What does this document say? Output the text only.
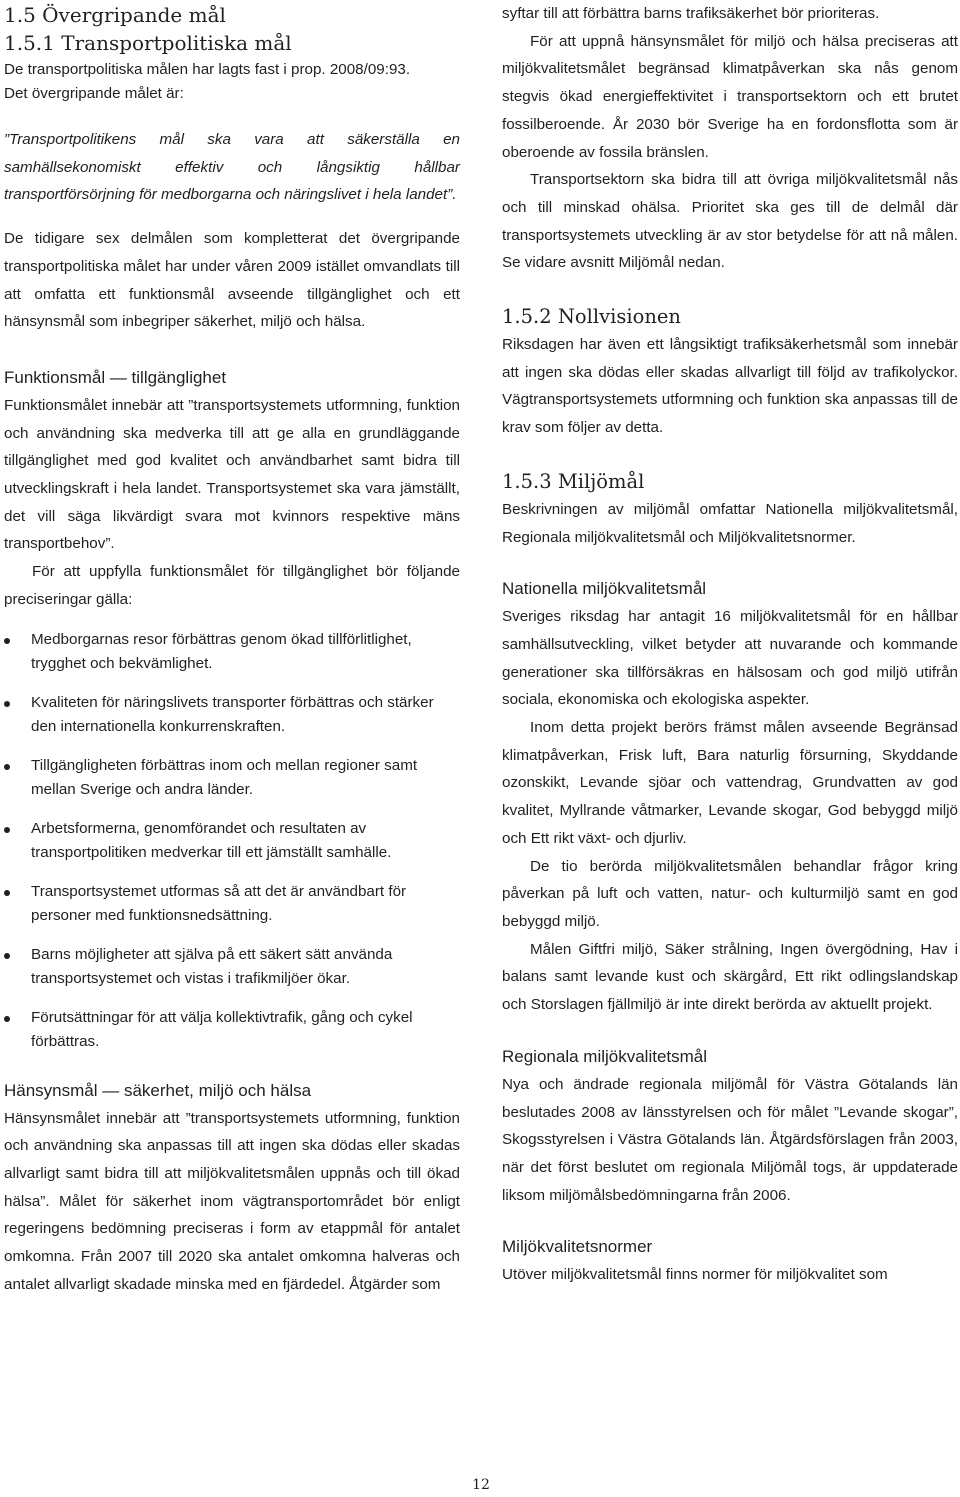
1.5 Övergripande mål
1.5.1 Transportpolitiska mål

De transportpolitiska målen har lagts fast i prop. 2008/09:93.

Det övergripande målet är:

”Transportpolitikens mål ska vara att säkerställa en samhällsekonomiskt effektiv och långsiktig hållbar transportförsörjning för medborgarna och näringslivet i hela landet”.

De tidigare sex delmålen som kompletterat det övergripande transportpolitiska målet har under våren 2009 istället omvandlats till att omfatta ett funktionsmål avseende tillgänglighet och ett hänsynsmål som inbegriper säkerhet, miljö och hälsa.

Funktionsmål — tillgänglighet

Funktionsmålet innebär att ”transportsystemets utformning, funktion och användning ska medverka till att ge alla en grundläggande tillgänglighet med god kvalitet och användbarhet samt bidra till utvecklingskraft i hela landet. Transportsystemet ska vara jämställt, det vill säga likvärdigt svara mot kvinnors respektive mäns transportbehov”.

För att uppfylla funktionsmålet för tillgänglighet bör följande preciseringar gälla:

Medborgarnas resor förbättras genom ökad tillförlitlighet, trygghet och bekvämlighet.
Kvaliteten för näringslivets transporter förbättras och stärker den internationella konkurrenskraften.
Tillgängligheten förbättras inom och mellan regioner samt mellan Sverige och andra länder.
Arbetsformerna, genomförandet och resultaten av transportpolitiken medverkar till ett jämställt samhälle.
Transportsystemet utformas så att det är användbart för personer med funktionsnedsättning.
Barns möjligheter att själva på ett säkert sätt använda transportsystemet och vistas i trafikmiljöer ökar.
Förutsättningar för att välja kollektivtrafik, gång och cykel förbättras.
Hänsynsmål — säkerhet, miljö och hälsa

Hänsynsmålet innebär att ”transportsystemets utformning, funktion och användning ska anpassas till att ingen ska dödas eller skadas allvarligt samt bidra till att miljökvalitetsmålen uppnås och till ökad hälsa”. Målet för säkerhet inom vägtransportområdet bör enligt regeringens bedömning preciseras i form av etappmål för antalet omkomna. Från 2007 till 2020 ska antalet omkomna halveras och antalet allvarligt skadade minska med en fjärdedel. Åtgärder som

syftar till att förbättra barns trafiksäkerhet bör prioriteras.

För att uppnå hänsynsmålet för miljö och hälsa preciseras att miljökvalitetsmålet begränsad klimatpåverkan ska nås genom stegvis ökad energieffektivitet i transportsektorn och ett brutet fossilberoende. År 2030 bör Sverige ha en fordonsflotta som är oberoende av fossila bränslen.

Transportsektorn ska bidra till att övriga miljökvalitetsmål nås och till minskad ohälsa. Prioritet ska ges till de delmål där transportsystemets utveckling är av stor betydelse för att nå målen. Se vidare avsnitt Miljömål nedan.

1.5.2 Nollvisionen

Riksdagen har även ett långsiktigt trafiksäkerhetsmål som innebär att ingen ska dödas eller skadas allvarligt till följd av trafikolyckor. Vägtransportsystemets utformning och funktion ska anpassas till de krav som följer av detta.

1.5.3 Miljömål

Beskrivningen av miljömål omfattar Nationella miljökvalitetsmål, Regionala miljökvalitetsmål och Miljökvalitetsnormer.

Nationella miljökvalitetsmål

Sveriges riksdag har antagit 16 miljökvalitetsmål för en hållbar samhällsutveckling, vilket betyder att nuvarande och kommande generationer ska tillförsäkras en hälsosam och god miljö utifrån sociala, ekonomiska och ekologiska aspekter.

Inom detta projekt berörs främst målen avseende Begränsad klimatpåverkan, Frisk luft, Bara naturlig försurning, Skyddande ozonskikt, Levande sjöar och vattendrag, Grundvatten av god kvalitet, Myllrande våtmarker, Levande skogar, God bebyggd miljö och Ett rikt växt- och djurliv.

De tio berörda miljökvalitetsmålen behandlar frågor kring påverkan på luft och vatten, natur- och kulturmiljö samt en god bebyggd miljö.

Målen Giftfri miljö, Säker strålning, Ingen övergödning, Hav i balans samt levande kust och skärgård, Ett rikt odlingslandskap och Storslagen fjällmiljö är inte direkt berörda av aktuellt projekt.

Regionala miljökvalitetsmål

Nya och ändrade regionala miljömål för Västra Götalands län beslutades 2008 av länsstyrelsen och för målet ”Levande skogar”, Skogsstyrelsen i Västra Götalands län. Åtgärdsförslagen från 2003, när det först beslutet om regionala Miljömål togs, är uppdaterade liksom miljömålsbedömningarna från 2006.

Miljökvalitetsnormer

Utöver miljökvalitetsmål finns normer för miljökvalitet som

12
